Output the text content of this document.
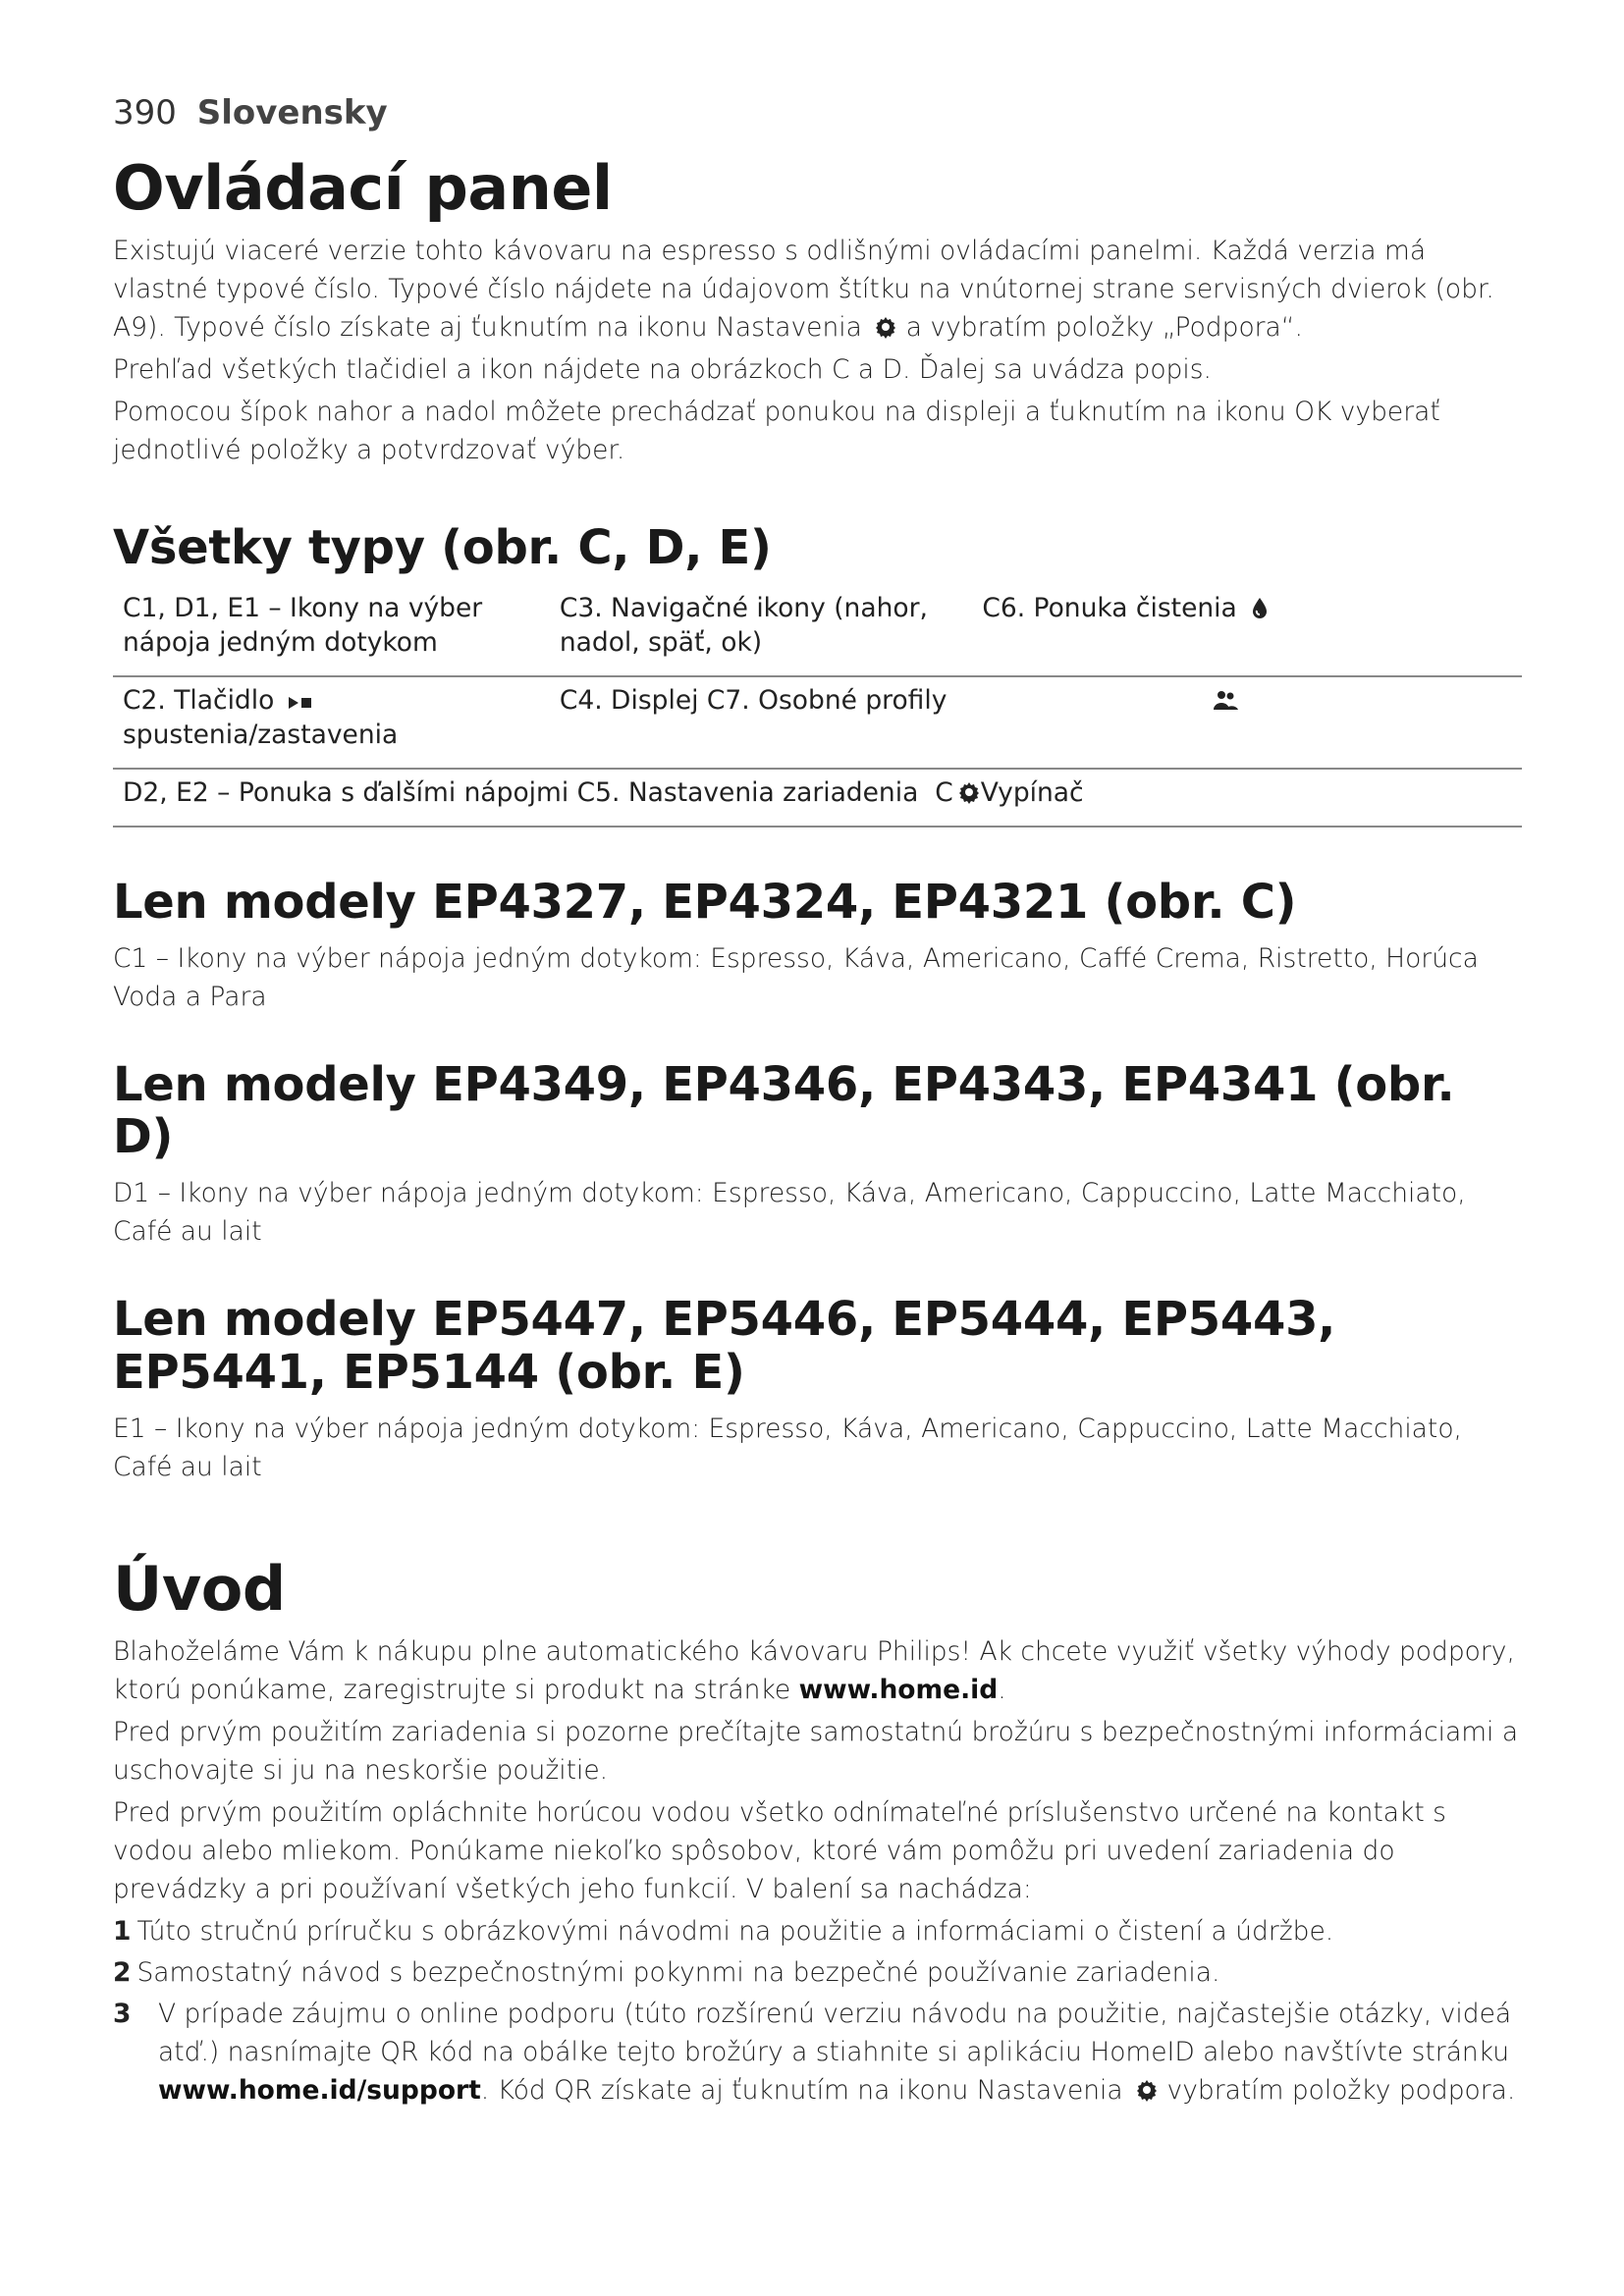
390 Slovensky
Ovládací panel

Existujú viaceré verzie tohto kávovaru na espresso s odlišnými ovládacími panelmi. Každá verzia má vlastné typové číslo. Typové číslo nájdete na údajovom štítku na vnútornej strane servisných dvierok (obr. A9). Typové číslo získate aj ťuknutím na ikonu Nastavenia a vybratím položky „Podpora“.

Prehľad všetkých tlačidiel a ikon nájdete na obrázkoch C a D. Ďalej sa uvádza popis.

Pomocou šípok nahor a nadol môžete prechádzať ponukou na displeji a ťuknutím na ikonu OK vyberať jednotlivé položky a potvrdzovať výber.

Všetky typy (obr. C, D, E)
C1, D1, E1 – Ikony na výber nápoja jedným dotykom	C3. Navigačné ikony (nahor, nadol, späť, ok)	C6. Ponuka čistenia
C2. Tlačidlo
spustenia/zastavenia	C4. Displej C7. Osobné profily	
D2, E2 – Ponuka s ďalšími nápojmi C5. Nastavenia zariadenia C Vypínač		
Len modely EP4327, EP4324, EP4321 (obr. C)

C1 – Ikony na výber nápoja jedným dotykom: Espresso, Káva, Americano, Caffé Crema, Ristretto, Horúca Voda a Para

Len modely EP4349, EP4346, EP4343, EP4341 (obr. D)

D1 – Ikony na výber nápoja jedným dotykom: Espresso, Káva, Americano, Cappuccino, Latte Macchiato, Café au lait

Len modely EP5447, EP5446, EP5444, EP5443, EP5441, EP5144 (obr. E)

E1 – Ikony na výber nápoja jedným dotykom: Espresso, Káva, Americano, Cappuccino, Latte Macchiato, Café au lait

Úvod

Blahoželáme Vám k nákupu plne automatického kávovaru Philips! Ak chcete využiť všetky výhody podpory, ktorú ponúkame, zaregistrujte si produkt na stránke www.home.id.

Pred prvým použitím zariadenia si pozorne prečítajte samostatnú brožúru s bezpečnostnými informáciami a uschovajte si ju na neskoršie použitie.

Pred prvým použitím opláchnite horúcou vodou všetko odnímateľné príslušenstvo určené na kontakt s vodou alebo mliekom. Ponúkame niekoľko spôsobov, ktoré vám pomôžu pri uvedení zariadenia do prevádzky a pri používaní všetkých jeho funkcií. V balení sa nachádza:

1 Túto stručnú príručku s obrázkovými návodmi na použitie a informáciami o čistení a údržbe.
2 Samostatný návod s bezpečnostnými pokynmi na bezpečné používanie zariadenia.
3	V prípade záujmu o online podporu (túto rozšírenú verziu návodu na použitie, najčastejšie otázky, videá atď.) nasnímajte QR kód na obálke tejto brožúry a stiahnite si aplikáciu HomeID alebo navštívte stránku www.home.id/support. Kód QR získate aj ťuknutím na ikonu Nastavenia vybratím položky podpora.
